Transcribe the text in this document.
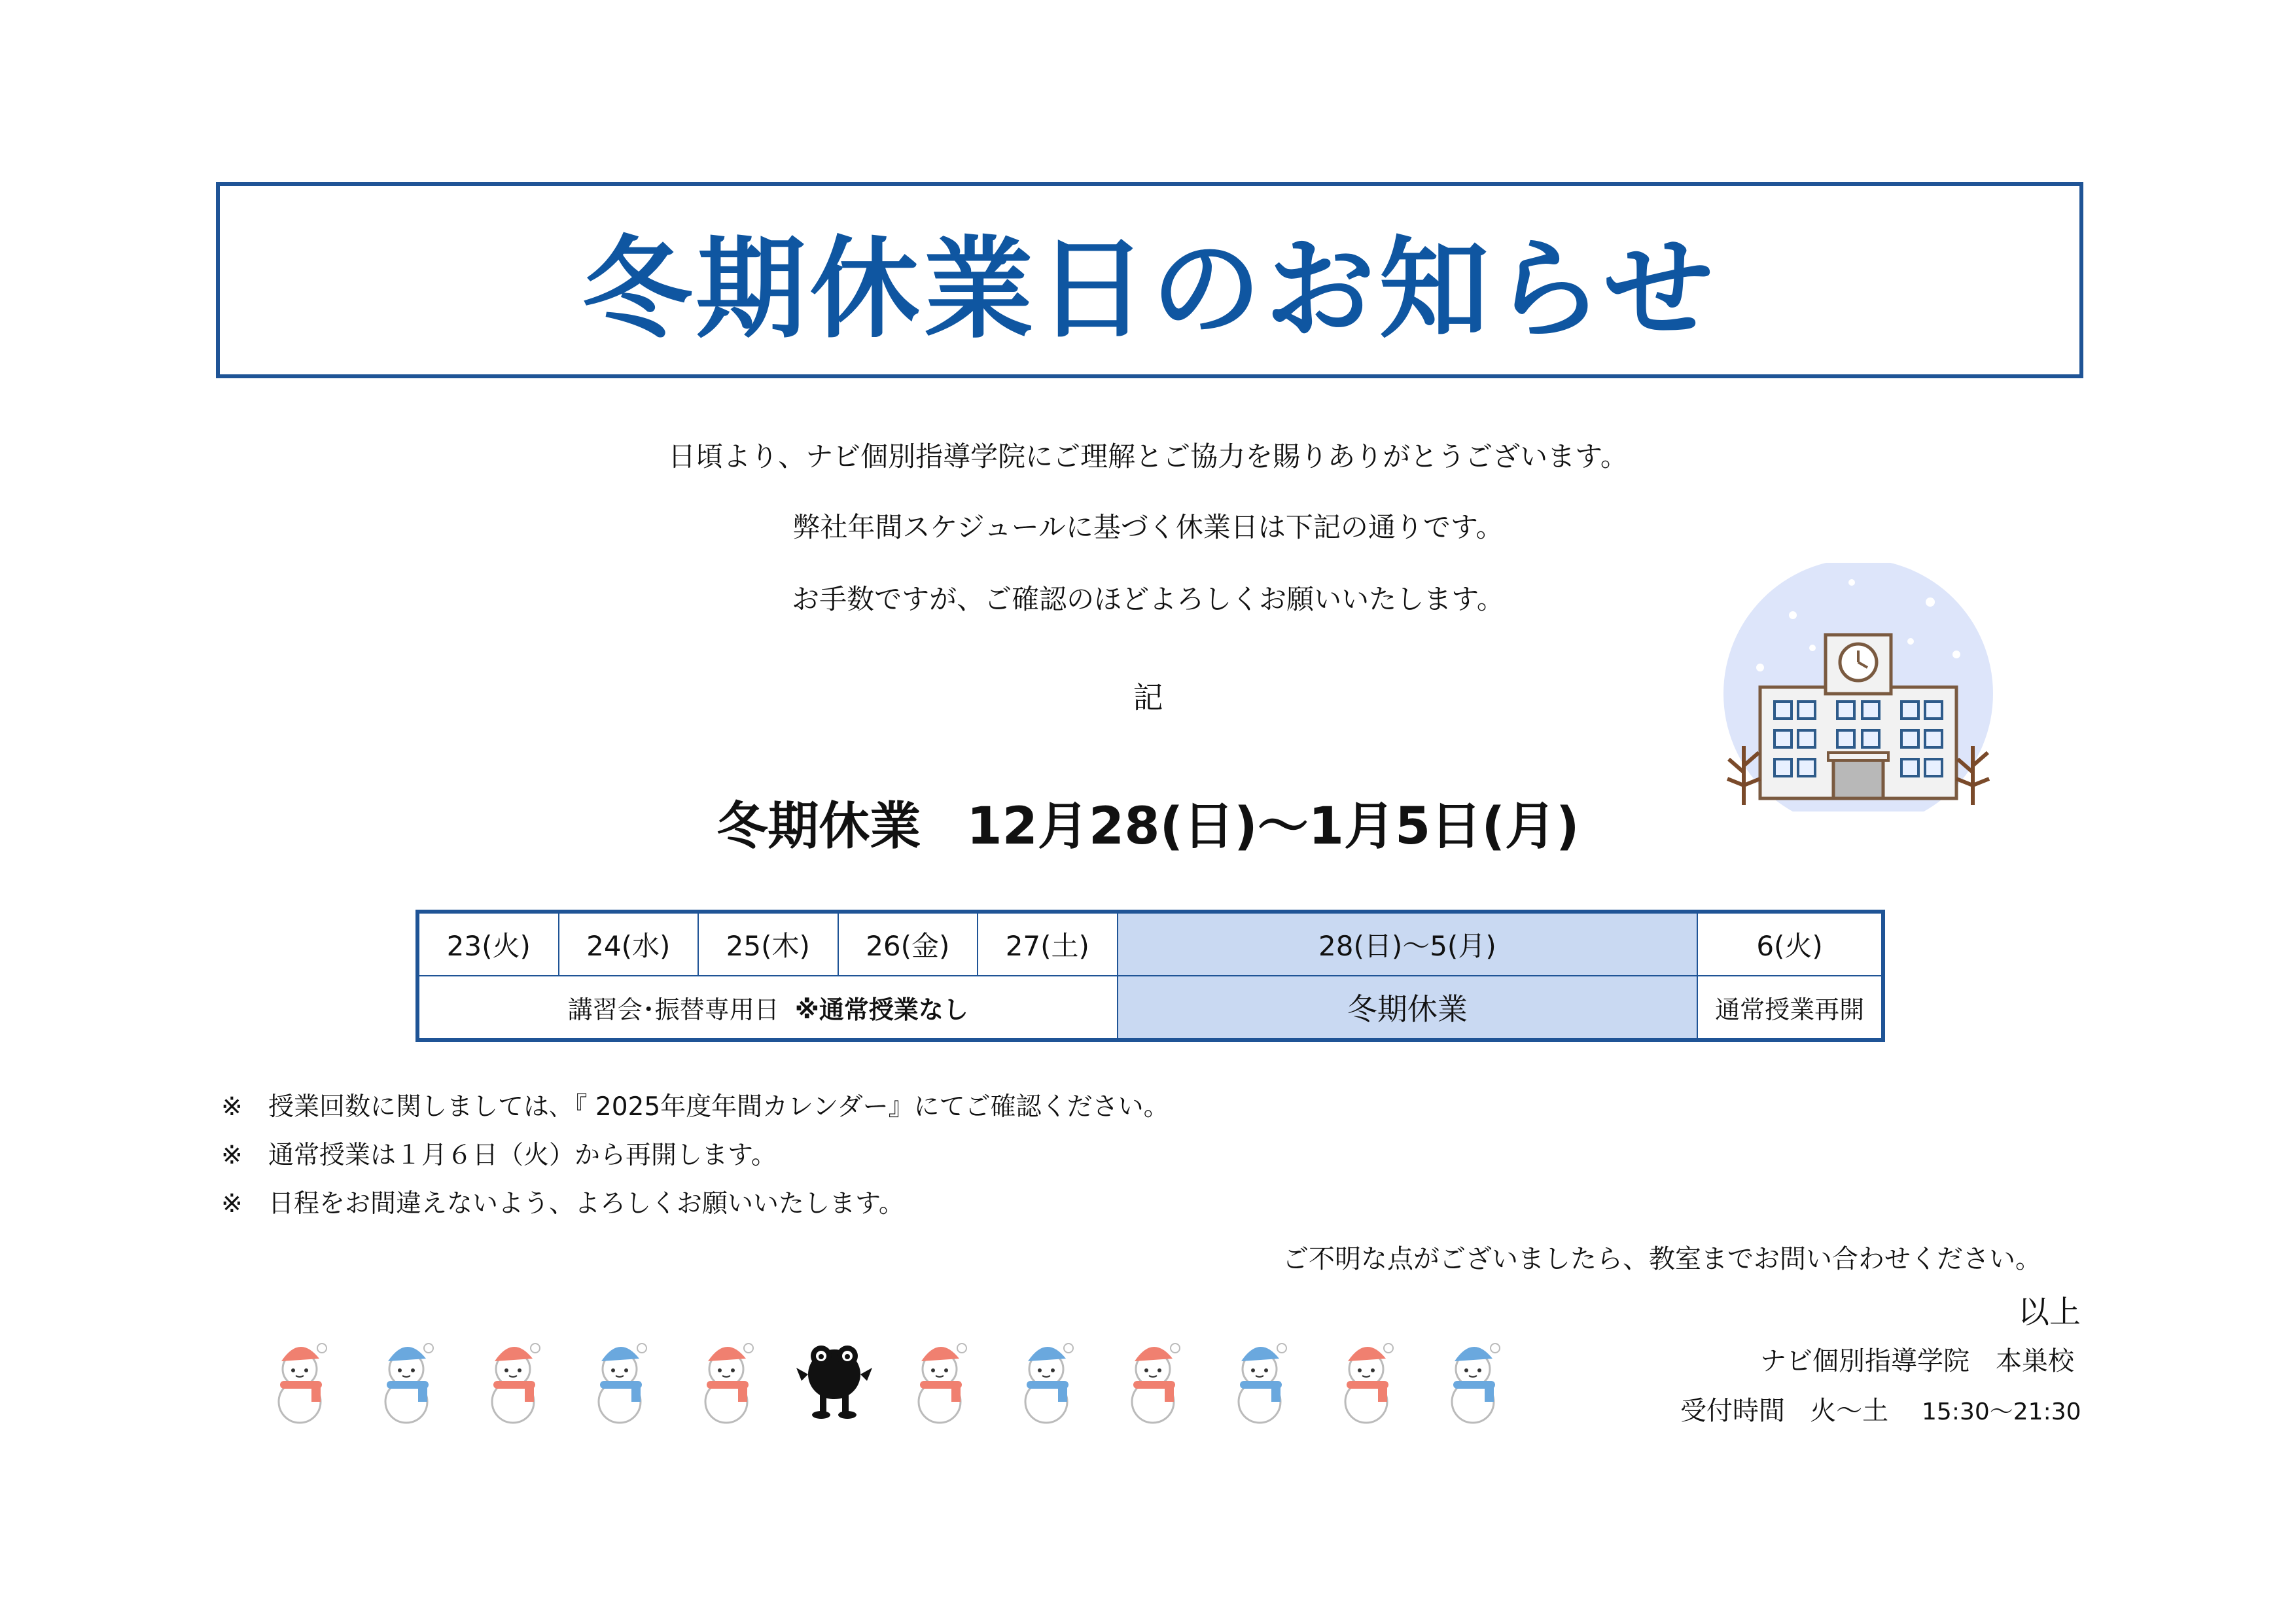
冬期休業日のお知らせ
日頃より、ナビ個別指導学院にご理解とご協力を賜りありがとうございます。
弊社年間スケジュールに基づく休業日は下記の通りです。
お手数ですが、ご確認のほどよろしくお願いいたします。
記
冬期休業 12月28(日)～1月5日(月)
23(火)	24(水)	25(木)	26(金)	27(土)	28(日)～5(月)	6(火)
講習会･振替専用日 ※通常授業なし					冬期休業	通常授業再開
※ 授業回数に関しましては､『 2025年度年間カレンダー』にてご確認ください。
※ 通常授業は１月６日（火）から再開します。
※ 日程をお間違えないよう、よろしくお願いいたします。
ご不明な点がございましたら、教室までお問い合わせください。
以上
ナビ個別指導学院　本巣校
受付時間 火～土 15:30～21:30
